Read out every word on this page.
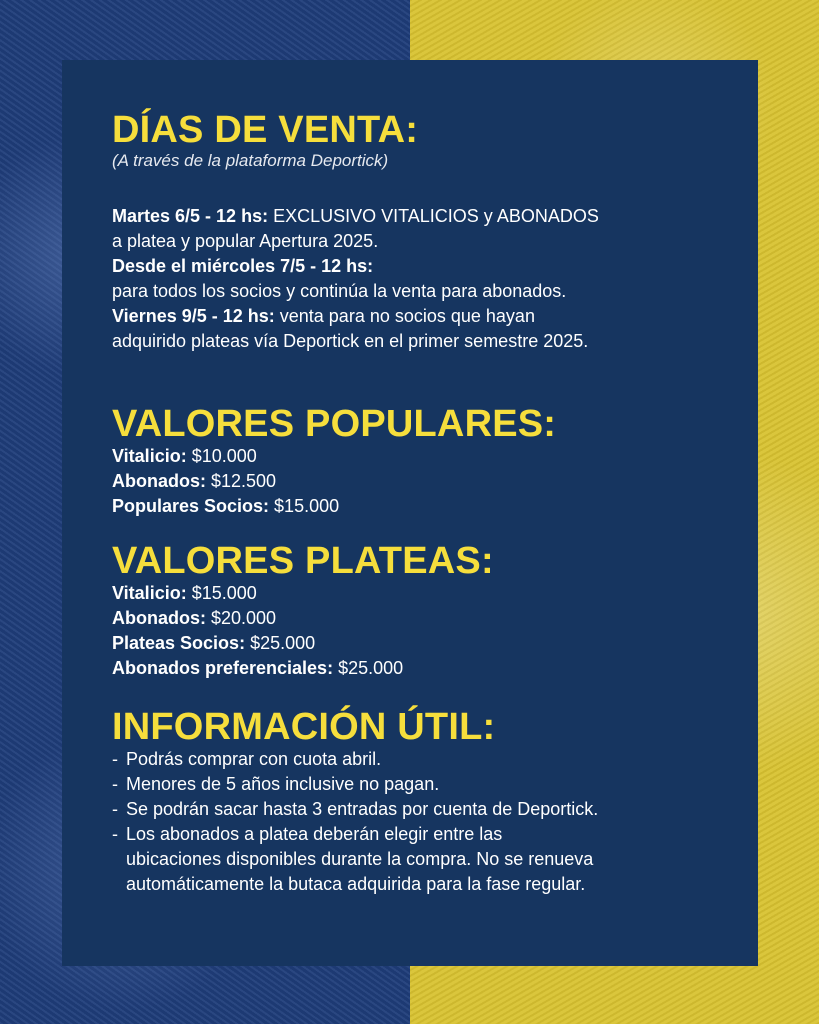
DÍAS DE VENTA:

(A través de la plataforma Deportick)

Martes 6/5 - 12 hs: EXCLUSIVO VITALICIOS y ABONADOS

a platea y popular Apertura 2025.

Desde el miércoles 7/5 - 12 hs:

para todos los socios y continúa la venta para abonados.

Viernes 9/5 - 12 hs: venta para no socios que hayan

adquirido plateas vía Deportick en el primer semestre 2025.

VALORES POPULARES:

Vitalicio: $10.000

Abonados: $12.500

Populares Socios: $15.000

VALORES PLATEAS:

Vitalicio: $15.000

Abonados: $20.000

Plateas Socios: $25.000

Abonados preferenciales: $25.000

INFORMACIÓN ÚTIL:
- Podrás comprar con cuota abril.
- Menores de 5 años inclusive no pagan.
- Se podrán sacar hasta 3 entradas por cuenta de Deportick.
- Los abonados a platea deberán elegir entre las
ubicaciones disponibles durante la compra. No se renueva
automáticamente la butaca adquirida para la fase regular.
